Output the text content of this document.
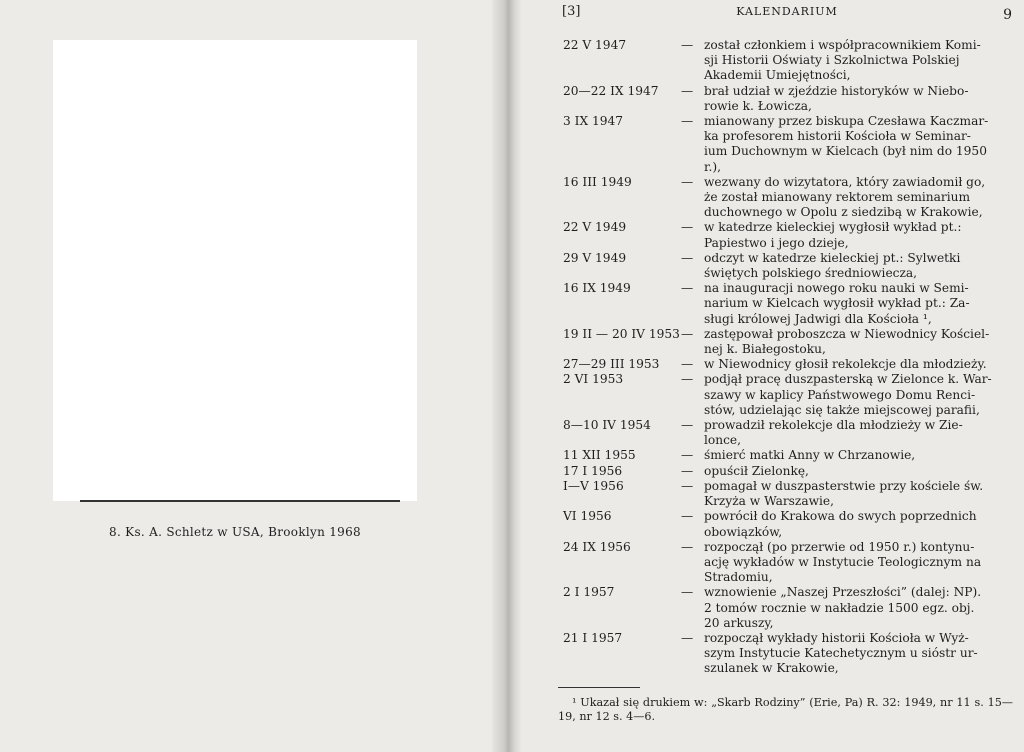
8. Ks. A. Schletz w USA, Brooklyn 1968
[3]	KALENDARIUM	9
22 V 1947	— został członkiem i współpracownikiem Komi-
sji Historii Oświaty i Szkolnictwa Polskiej
Akademii Umiejętności,
20—22 IX 1947	— brał udział w zjeździe historyków w Niebo-
rowie k. Łowicza,
3 IX 1947	— mianowany przez biskupa Czesława Kaczmar-
ka profesorem historii Kościoła w Seminar-
ium Duchownym w Kielcach (był nim do 1950
r.),
16 III 1949	— wezwany do wizytatora, który zawiadomił go,
że został mianowany rektorem seminarium
duchownego w Opolu z siedzibą w Krakowie,
22 V 1949	— w katedrze kieleckiej wygłosił wykład pt.:
Papiestwo i jego dzieje,
29 V 1949	— odczyt w katedrze kieleckiej pt.: Sylwetki
świętych polskiego średniowiecza,
16 IX 1949	— na inauguracji nowego roku nauki w Semi-
narium w Kielcach wygłosił wykład pt.: Za-
sługi królowej Jadwigi dla Kościoła ¹,
19 II — 20 IV 1953 — zastępował proboszcza w Niewodnicy Kościel-
nej k. Białegostoku,
27—29 III 1953	— w Niewodnicy głosił rekolekcje dla młodzieży.
2 VI 1953	— podjął pracę duszpasterską w Zielonce k. War-
szawy w kaplicy Państwowego Domu Renci-
stów, udzielając się także miejscowej parafii,
8—10 IV 1954	— prowadził rekolekcje dla młodzieży w Zie-
lonce,
11 XII 1955	— śmierć matki Anny w Chrzanowie,
17 I 1956	— opuścił Zielonkę,
I—V 1956	— pomagał w duszpasterstwie przy kościele św.
Krzyża w Warszawie,
VI 1956	— powrócił do Krakowa do swych poprzednich
obowiązków,
24 IX 1956	— rozpoczął (po przerwie od 1950 r.) kontynu-
ację wykładów w Instytucie Teologicznym na
Stradomiu,
2 I 1957	— wznowienie „Naszej Przeszłości” (dalej: NP).
2 tomów rocznie w nakładzie 1500 egz. obj.
20 arkuszy,
21 I 1957	— rozpoczął wykłady historii Kościoła w Wyż-
szym Instytucie Katechetycznym u sióstr ur-
szulanek w Krakowie,

¹ Ukazał się drukiem w: „Skarb Rodziny” (Erie, Pa) R. 32: 1949, nr 11 s. 15—19, nr 12 s. 4—6.
